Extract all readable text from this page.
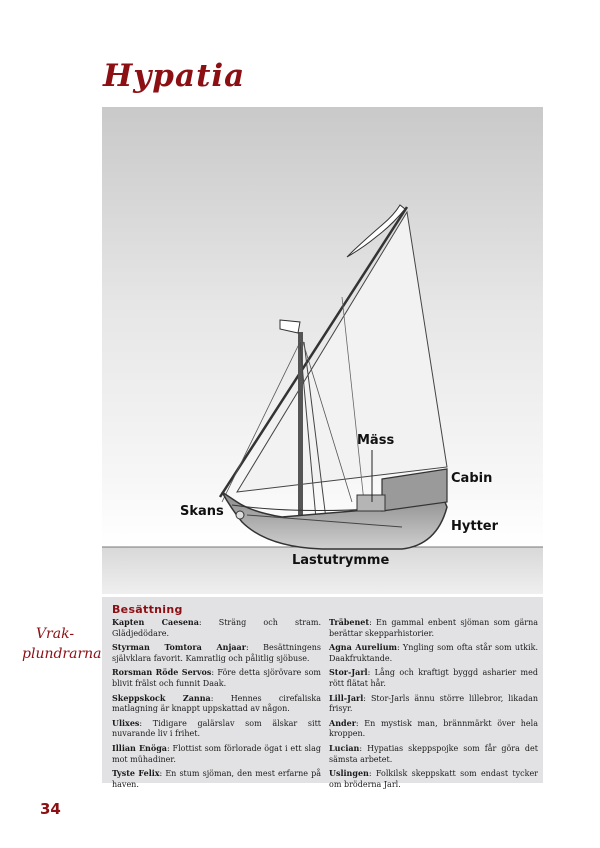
Hypatia
Mäss
Cabin
Skans
Hytter
Lastutrymme
Besättning
Kapten Caesena: Sträng och stram. Glädjedödare.
Styrman Tomtora Anjaar: Besättningens självklara favorit. Kamratlig och pålitlig sjöbuse.
Rorsman Röde Servos: Före detta sjörövare som blivit frälst och funnit Daak.
Skeppskock Zanna: Hennes cirefaliska matlagning är knappt uppskattad av någon.
Ulixes: Tidigare galärslav som älskar sitt nuvarande liv i frihet.
Illian Enöga: Flottist som förlorade ögat i ett slag mot mühadiner.
Tyste Felix: En stum sjöman, den mest erfarne på haven.
Träbenet: En gammal enbent sjöman som gärna berättar skepparhistorier.
Agna Aurelium: Yngling som ofta står som utkik. Daakfruktande.
Stor-Jarl: Lång och kraftigt byggd asharier med rött flätat hår.
Lill-Jarl: Stor-Jarls ännu större lillebror, likadan frisyr.
Ander: En mystisk man, brännmärkt över hela kroppen.
Lucian: Hypatias skeppspojke som får göra det sämsta arbetet.
Uslingen: Folkilsk skeppskatt som endast tycker om bröderna Jarl.
Vrak-
plundrarna
34
